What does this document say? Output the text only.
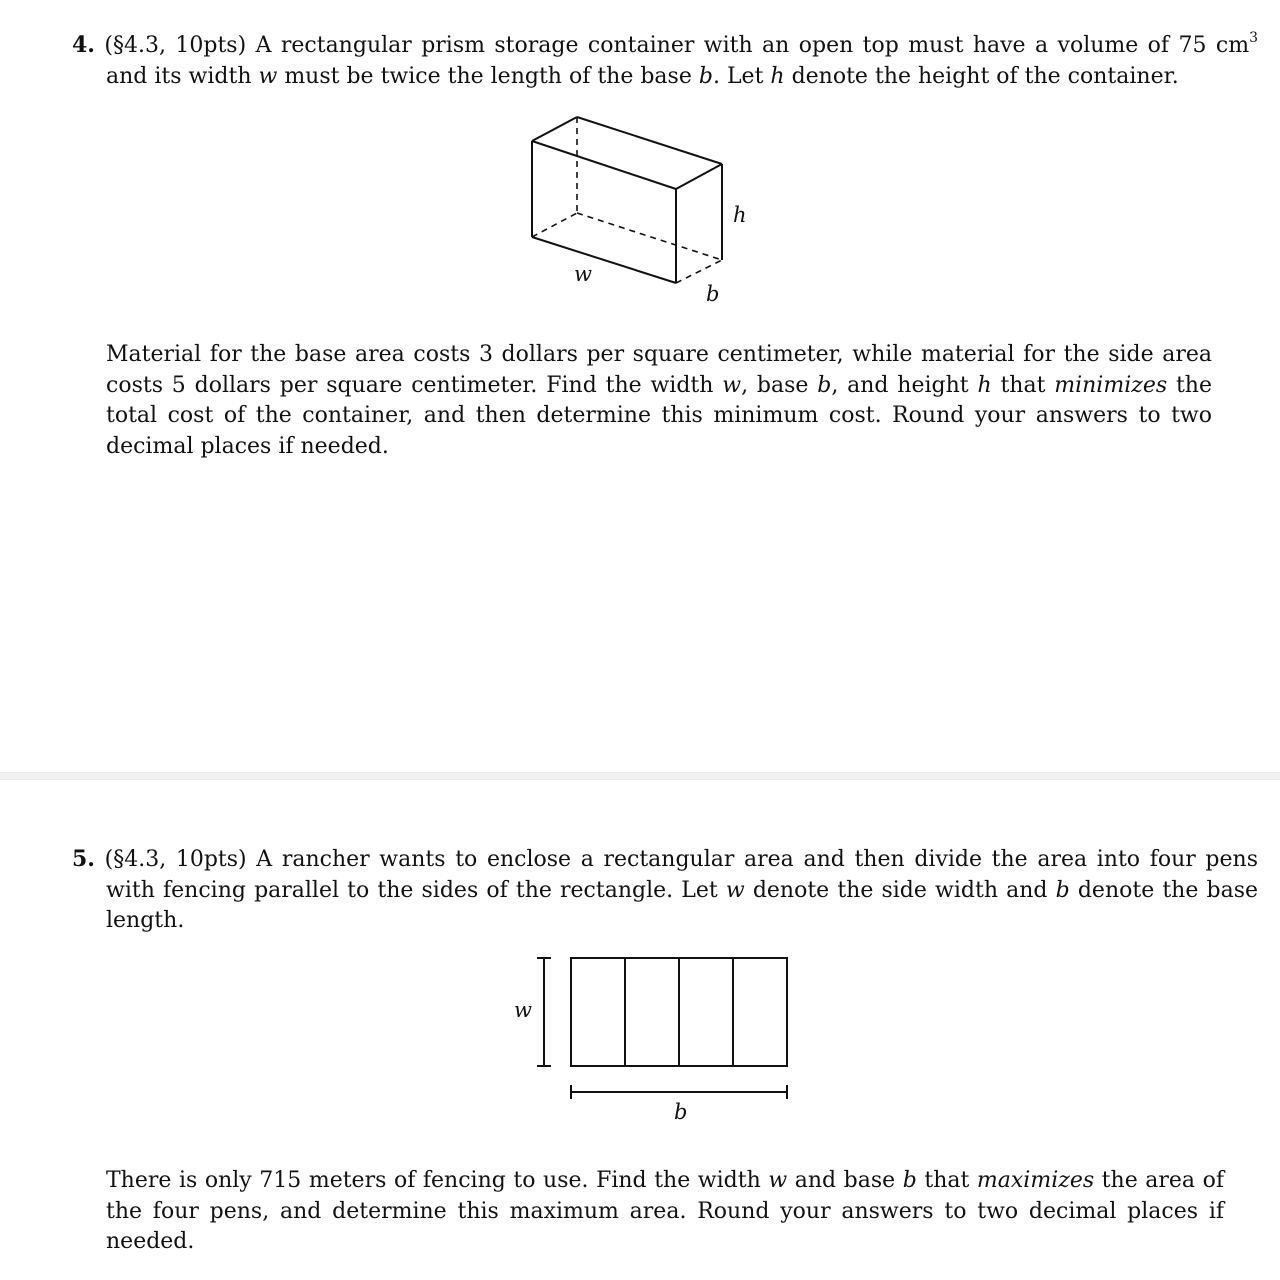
4. (§4.3, 10pts) A rectangular prism storage container with an open top must have a volume of 75 $cm^3$ and its width w must be twice the length of the base b. Let h denote the height of the container.

h
w
b

Material for the base area costs 3 dollars per square centimeter, while material for the side area costs 5 dollars per square centimeter. Find the width w, base b, and height h that minimizes the total cost of the container, and then determine this minimum cost. Round your answers to two decimal places if needed.

5. (§4.3, 10pts) A rancher wants to enclose a rectangular area and then divide the area into four pens with fencing parallel to the sides of the rectangle. Let w denote the side width and b denote the base length.

w
b

There is only 715 meters of fencing to use. Find the width w and base b that maximizes the area of the four pens, and determine this maximum area. Round your answers to two decimal places if needed.
